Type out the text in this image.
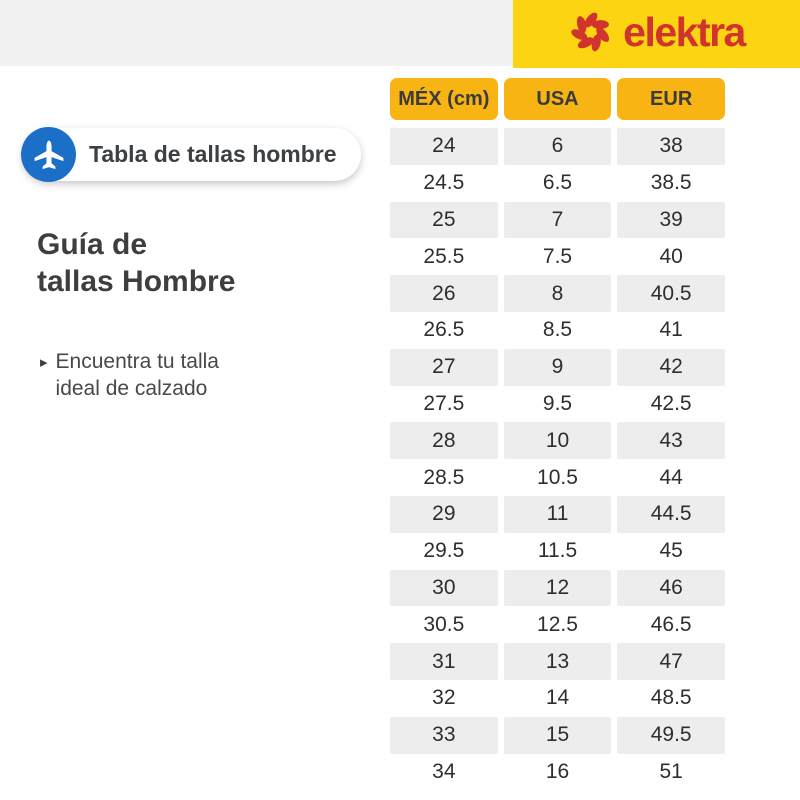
elektra
Tabla de tallas hombre
Guía de
tallas Hombre
▸ Encuentra tu talla
ideal de calzado
MÉX (cm)	USA	EUR
24	6	38
24.5	6.5	38.5
25	7	39
25.5	7.5	40
26	8	40.5
26.5	8.5	41
27	9	42
27.5	9.5	42.5
28	10	43
28.5	10.5	44
29	11	44.5
29.5	11.5	45
30	12	46
30.5	12.5	46.5
31	13	47
32	14	48.5
33	15	49.5
34	16	51
